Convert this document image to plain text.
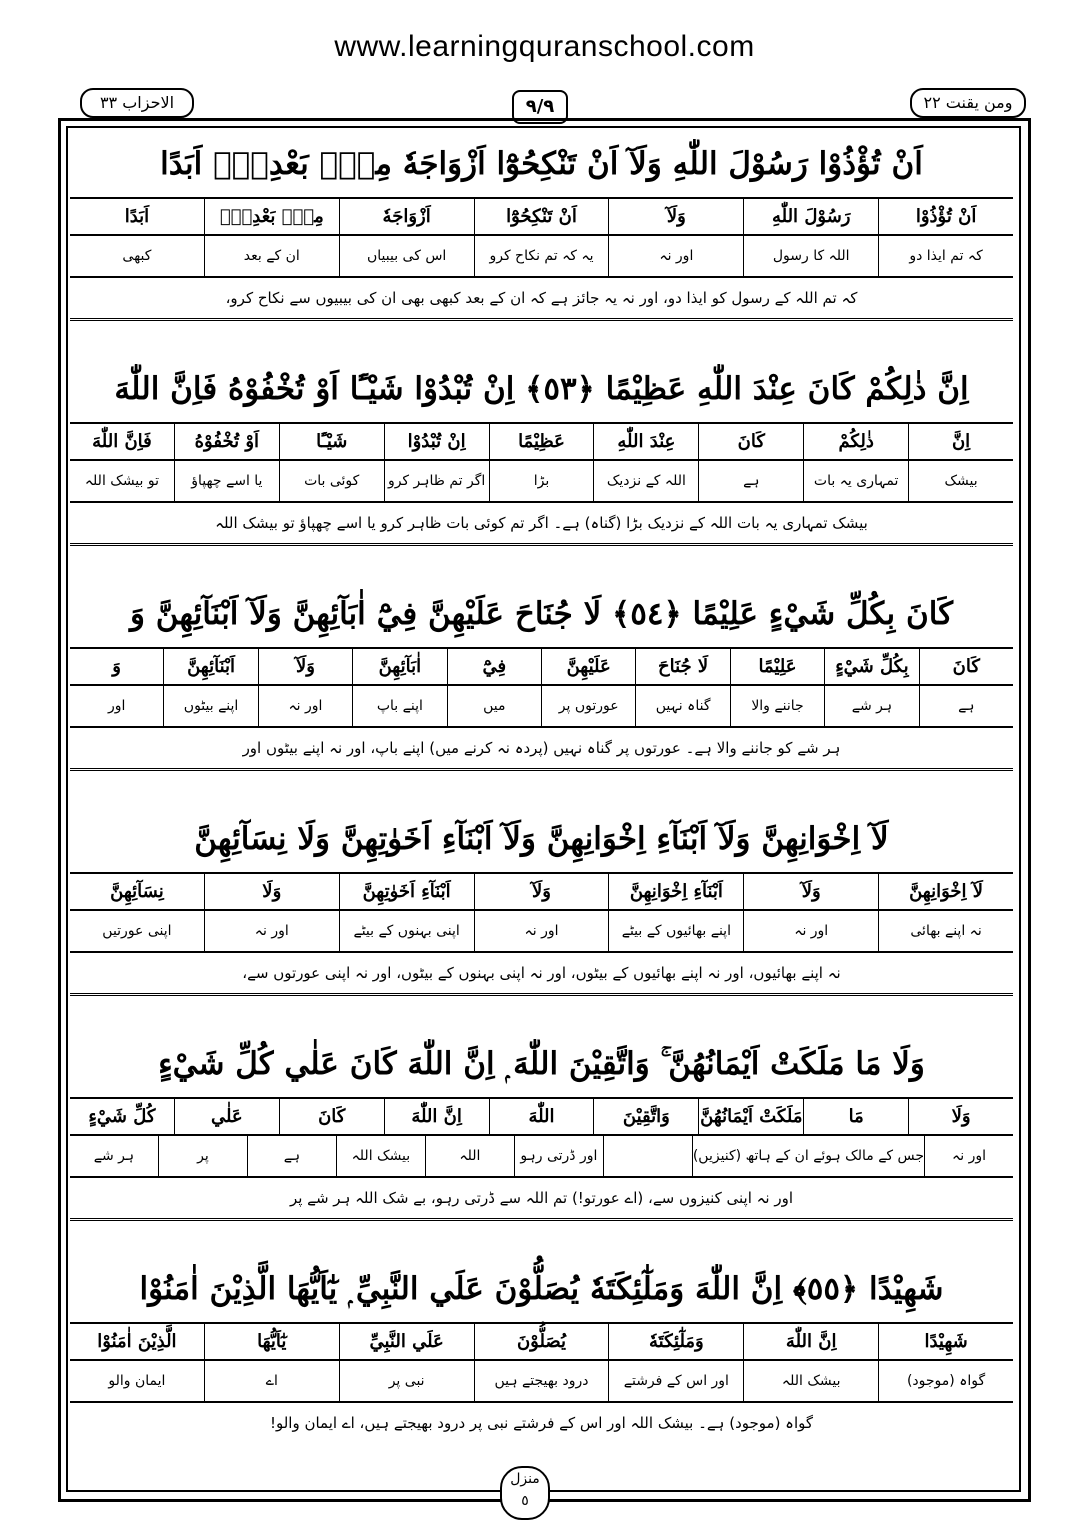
www.learningquranschool.com
الاحزاب ٣٣	٩/٩	ومن یقنت ٢٢
اَنْ تُؤْذُوْا رَسُوْلَ اللّٰهِ وَلَآ اَنْ تَنْكِحُوْٓا اَزْوَاجَهٗ مِنْۢ بَعْدِهٖٓ اَبَدًا
اَنْ تُؤْذُوْا
رَسُوْلَ اللّٰهِ
وَلَآ
اَنْ تَنْكِحُوْٓا
اَزْوَاجَهٗ
مِنْۢ بَعْدِهٖٓ
اَبَدًا
کہ تم ایذا دو
اللہ کا رسول
اور نہ
یہ کہ تم نکاح کرو
اس کی بیبیاں
ان کے بعد
کبھی
کہ تم اللہ کے رسول کو ایذا دو، اور نہ یہ جائز ہے کہ ان کے بعد کبھی بھی ان کی بیبیوں سے نکاح کرو،
اِنَّ ذٰلِكُمْ كَانَ عِنْدَ اللّٰهِ عَظِيْمًا ﴿٥٣﴾ اِنْ تُبْدُوْا شَيْـًٔا اَوْ تُخْفُوْهُ فَاِنَّ اللّٰهَ
اِنَّ
ذٰلِكُمْ
كَانَ
عِنْدَ اللّٰهِ
عَظِيْمًا
اِنْ تُبْدُوْا
شَيْـًٔا
اَوْ تُخْفُوْهُ
فَاِنَّ اللّٰهَ
بیشک
تمہاری یہ بات
ہے
اللہ کے نزدیک
بڑا
اگر تم ظاہر کرو
کوئی بات
یا اسے چھپاؤ
تو بیشک اللہ
بیشک تمہاری یہ بات اللہ کے نزدیک بڑا (گناہ) ہے۔ اگر تم کوئی بات ظاہر کرو یا اسے چھپاؤ تو بیشک اللہ
كَانَ بِكُلِّ شَيْءٍ عَلِيْمًا ﴿٥٤﴾ لَا جُنَاحَ عَلَيْهِنَّ فِيْٓ اٰبَآئِهِنَّ وَلَآ اَبْنَآئِهِنَّ وَ
كَانَ
بِكُلِّ شَيْءٍ
عَلِيْمًا
لَا جُنَاحَ
عَلَيْهِنَّ
فِيْٓ
اٰبَآئِهِنَّ
وَلَآ
اَبْنَآئِهِنَّ
وَ
ہے
ہر شے
جاننے والا
گناہ نہیں
عورتوں پر
میں
اپنے باپ
اور نہ
اپنے بیٹوں
اور
ہر شے کو جاننے والا ہے۔ عورتوں پر گناہ نہیں (پردہ نہ کرنے میں) اپنے باپ، اور نہ اپنے بیٹوں اور
لَآ اِخْوَانِهِنَّ وَلَآ اَبْنَآءِ اِخْوَانِهِنَّ وَلَآ اَبْنَآءِ اَخَوٰتِهِنَّ وَلَا نِسَآئِهِنَّ
لَآ اِخْوَانِهِنَّ
وَلَآ
اَبْنَآءِ اِخْوَانِهِنَّ
وَلَآ
اَبْنَآءِ اَخَوٰتِهِنَّ
وَلَا
نِسَآئِهِنَّ
نہ اپنے بھائی
اور نہ
اپنے بھائیوں کے بیٹے
اور نہ
اپنی بہنوں کے بیٹے
اور نہ
اپنی عورتیں
نہ اپنے بھائیوں، اور نہ اپنے بھائیوں کے بیٹوں، اور نہ اپنی بہنوں کے بیٹوں، اور نہ اپنی عورتوں سے،
وَلَا مَا مَلَكَتْ اَيْمَانُهُنَّ ۚ وَاتَّقِيْنَ اللّٰهَ ۭ اِنَّ اللّٰهَ كَانَ عَلٰي كُلِّ شَيْءٍ
وَلَا
مَا
مَلَكَتْ اَيْمَانُهُنَّ
وَاتَّقِيْنَ
اللّٰهَ
اِنَّ اللّٰهَ
كَانَ
عَلٰي
كُلِّ شَيْءٍ
اور نہ
جس کے مالک ہوئے ان کے ہاتھ (کنیزیں)
اور ڈرتی رہو
اللہ
بیشک اللہ
ہے
پر
ہر شے
اور نہ اپنی کنیزوں سے، (اے عورتو!) تم اللہ سے ڈرتی رہو، بے شک اللہ ہر شے پر
شَهِيْدًا ﴿٥٥﴾ اِنَّ اللّٰهَ وَمَلٰٓئِكَتَهٗ يُصَلُّوْنَ عَلَي النَّبِيِّ ۭ يٰٓاَيُّهَا الَّذِيْنَ اٰمَنُوْا
شَهِيْدًا
اِنَّ اللّٰهَ
وَمَلٰٓئِكَتَهٗ
يُصَلُّوْنَ
عَلَي النَّبِيِّ
يٰٓاَيُّهَا
الَّذِيْنَ اٰمَنُوْا
گواہ (موجود)
بیشک اللہ
اور اس کے فرشتے
درود بھیجتے ہیں
نبی پر
اے
ایمان والو
گواہ (موجود) ہے۔ بیشک اللہ اور اس کے فرشتے نبی پر درود بھیجتے ہیں، اے ایمان والو!
منزل
٥
